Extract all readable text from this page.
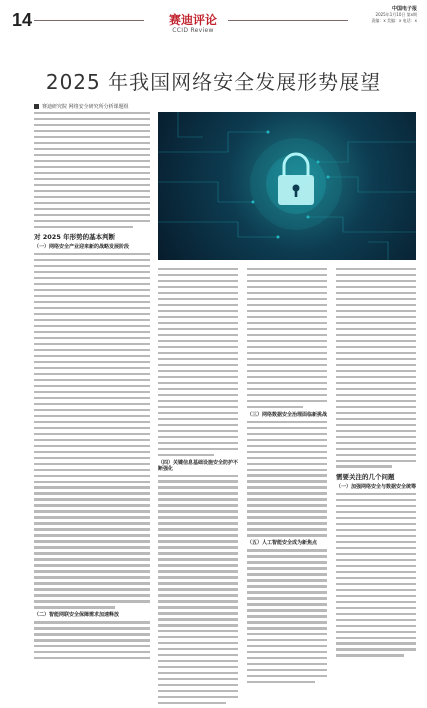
14	赛迪评论
CCID Review
中国电子报
2025年1月10日 第x期
责编：x 美编：x 电话：x
2025 年我国网络安全发展形势展望
赛迪研究院 网络安全研究所分析课题组
对 2025 年形势的基本判断
（一）网络安全产业迎来新的战略发展阶段
（二）智能网联安全保障需求加速释放
（四）关键信息基础设施安全防护不断强化
（三）网络数据安全治理面临新挑战
（五）人工智能安全成为新焦点
需要关注的几个问题
（一）加强网络安全与数据安全统筹
